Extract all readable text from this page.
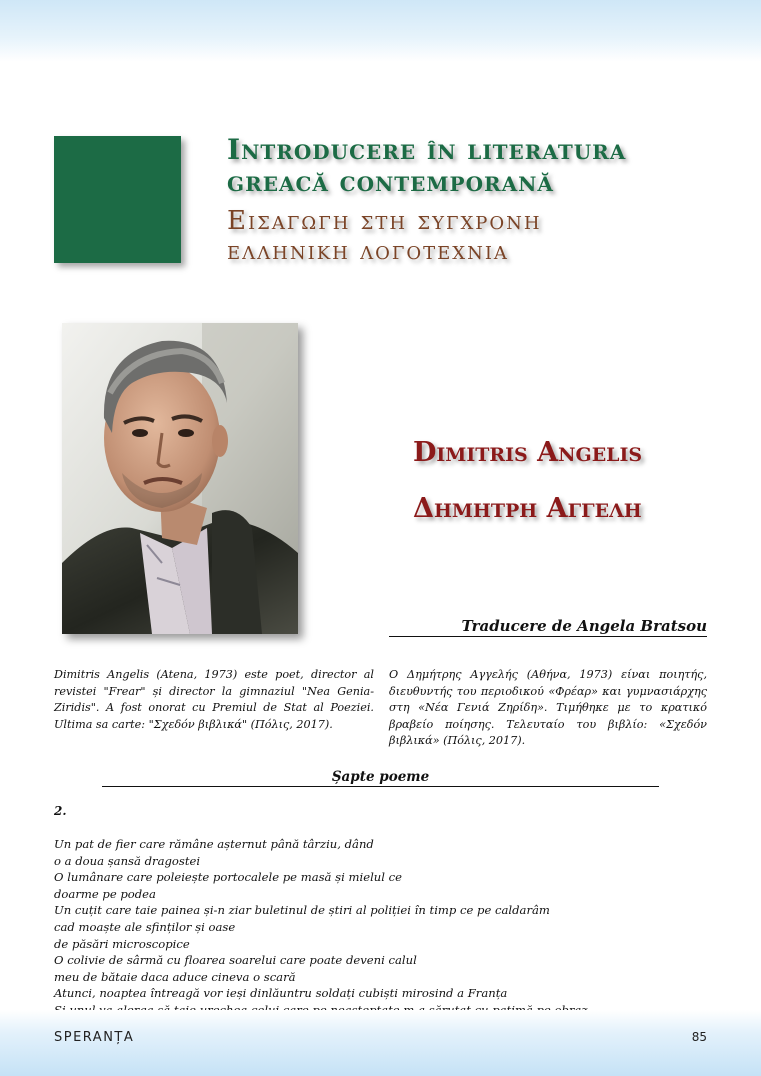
Introducere în literatura
greacă contemporană
Εισαγωγη στη συγχρονη
ελληνικη λογοτεχνια
Dimitris Angelis
Δημητρη Αγγελη
Traducere de Angela Bratsou
Dimitris Angelis (Atena, 1973) este poet, director al revistei "Frear" și director la gimnaziul "Nea Genia-Ziridis". A fost onorat cu Premiul de Stat al Poeziei. Ultima sa carte: "Σχεδόν βιβλικά" (Πόλις, 2017).
Ο Δημήτρης Αγγελής (Αθήνα, 1973) είναι ποιητής, διευθυντής του περιοδικού «Φρέαρ» και γυμνασιάρχης στη «Νέα Γενιά Ζηρίδη». Τιμήθηκε με το κρατικό βραβείο ποίησης. Τελευταίο του βιβλίο: «Σχεδόν βιβλικά» (Πόλις, 2017).
Șapte poeme
2.
Un pat de fier care rămâne așternut până târziu, dând
o a doua șansă dragostei
O lumânare care poleiește portocalele pe masă și mielul ce
doarme pe podea
Un cuțit care taie painea și-n ziar buletinul de știri al poliției în timp ce pe caldarâm
cad moaște ale sfinților și oase
de păsări microscopice
O colivie de sârmă cu floarea soarelui care poate deveni calul
meu de bătaie daca aduce cineva o scară
Atunci, noaptea întreagă vor ieși dinlăuntru soldați cubiști mirosind a Franța
SPERANȚA	85
